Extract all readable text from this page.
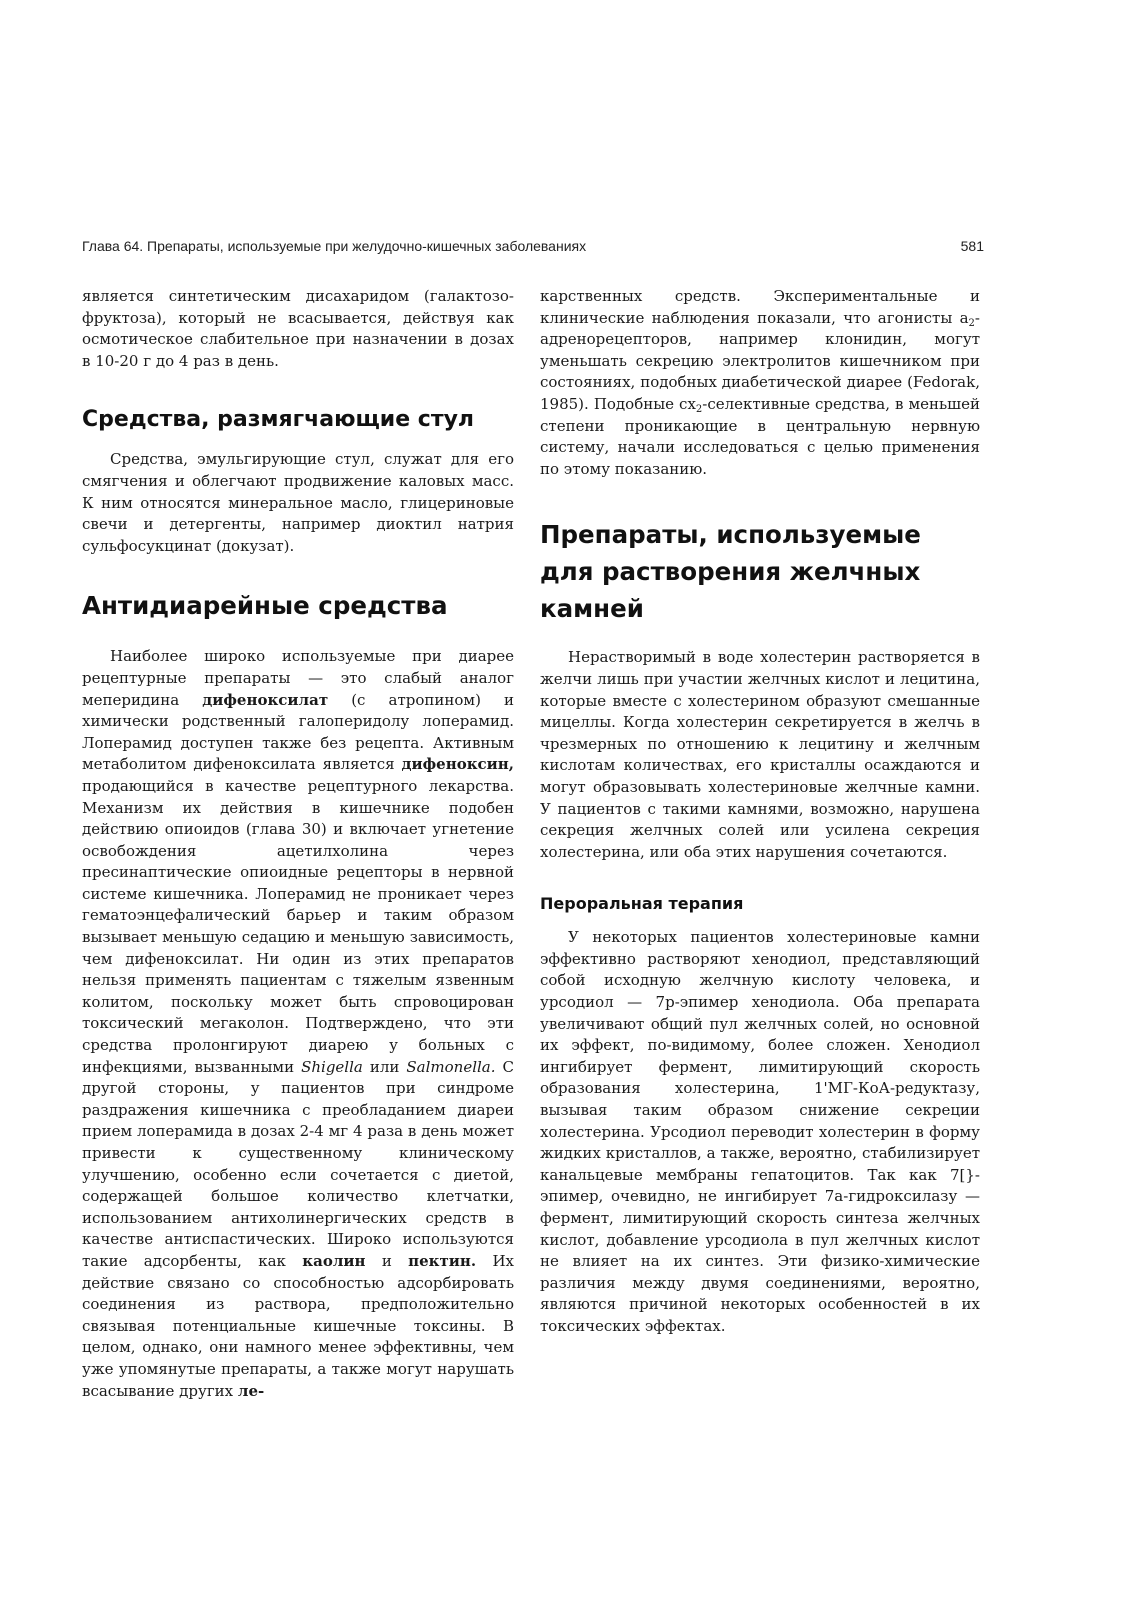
Глава 64. Препараты, используемые при желудочно-кишечных заболеваниях	581

является синтетическим дисахаридом (галактозо-фруктоза), который не всасывается, действуя как осмотическое слабительное при назначении в дозах в 10-20 г до 4 раз в день.

Средства, размягчающие стул

Средства, эмульгирующие стул, служат для его смягчения и облегчают продвижение каловых масс. К ним относятся минеральное масло, глицериновые свечи и детергенты, например диоктил натрия сульфосукцинат (докузат).

Антидиарейные средства

Наиболее широко используемые при диарее рецептурные препараты — это слабый аналог меперидина дифеноксилат (с атропином) и химически родственный галоперидолу лоперамид. Лоперамид доступен также без рецепта. Активным метаболитом дифеноксилата является дифеноксин, продающийся в качестве рецептурного лекарства. Механизм их действия в кишечнике подобен действию опиоидов (глава 30) и включает угнетение освобождения ацетилхолина через пресинаптические опиоидные рецепторы в нервной системе кишечника. Лоперамид не проникает через гематоэнцефалический барьер и таким образом вызывает меньшую седацию и меньшую зависимость, чем дифеноксилат. Ни один из этих препаратов нельзя применять пациентам с тяжелым язвенным колитом, поскольку может быть спровоцирован токсический мегаколон. Подтверждено, что эти средства пролонгируют диарею у больных с инфекциями, вызванными Shigella или Salmonella. С другой стороны, у пациентов при синдроме раздражения кишечника с преобладанием диареи прием лоперамида в дозах 2-4 мг 4 раза в день может привести к существенному клиническому улучшению, особенно если сочетается с диетой, содержащей большое количество клетчатки, использованием антихолинергических средств в качестве антиспастических. Широко используются такие адсорбенты, как каолин и пектин. Их действие связано со способностью адсорбировать соединения из раствора, предположительно связывая потенциальные кишечные токсины. В целом, однако, они намного менее эффективны, чем уже упомянутые препараты, а также могут нарушать всасывание других ле-

карственных средств. Экспериментальные и клинические наблюдения показали, что агонисты $a_2$-адренорецепторов, например клонидин, могут уменьшать секрецию электролитов кишечником при состояниях, подобных диабетической диарее (Fedorak, 1985). Подобные $cx_2$-селективные средства, в меньшей степени проникающие в центральную нервную систему, начали исследоваться с целью применения по этому показанию.

Препараты, используемые для растворения желчных камней

Нерастворимый в воде холестерин растворяется в желчи лишь при участии желчных кислот и лецитина, которые вместе с холестерином образуют смешанные мицеллы. Когда холестерин секретируется в желчь в чрезмерных по отношению к лецитину и желчным кислотам количествах, его кристаллы осаждаются и могут образовывать холестериновые желчные камни. У пациентов с такими камнями, возможно, нарушена секреция желчных солей или усилена секреция холестерина, или оба этих нарушения сочетаются.

Пероральная терапия

У некоторых пациентов холестериновые камни эффективно растворяют хенодиол, представляющий собой исходную желчную кислоту человека, и урсодиол — 7р-эпимер хенодиола. Оба препарата увеличивают общий пул желчных солей, но основной их эффект, по-видимому, более сложен. Хенодиол ингибирует фермент, лимитирующий скорость образования холестерина, 1'МГ-КоА-редуктазу, вызывая таким образом снижение секреции холестерина. Урсодиол переводит холестерин в форму жидких кристаллов, а также, вероятно, стабилизирует канальцевые мембраны гепатоцитов. Так как 7[}-эпимер, очевидно, не ингибирует 7а-гидроксилазу — фермент, лимитирующий скорость синтеза желчных кислот, добавление урсодиола в пул желчных кислот не влияет на их синтез. Эти физико-химические различия между двумя соединениями, вероятно, являются причиной некоторых особенностей в их токсических эффектах.
